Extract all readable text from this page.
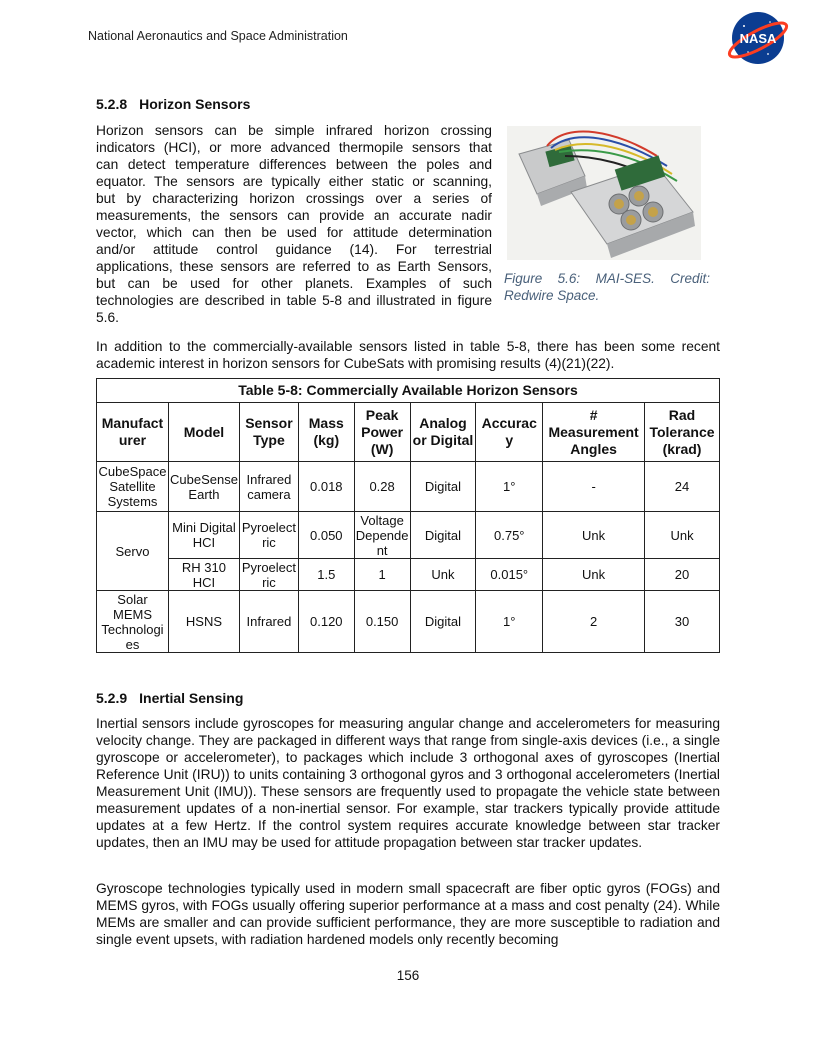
National Aeronautics and Space Administration	NASA
5.2.8 Horizon Sensors
Horizon sensors can be simple infrared horizon crossing
indicators (HCI), or more advanced thermopile sensors that
can detect temperature differences between the poles and
equator. The sensors are typically either static or scanning,
but by characterizing horizon crossings over a series of
measurements, the sensors can provide an accurate nadir
vector, which can then be used for attitude determination
and/or attitude control guidance (14). For terrestrial
applications, these sensors are referred to as Earth Sensors,
but can be used for other planets. Examples of such
technologies are described in table 5-8 and illustrated in figure
5.6.

Figure 5.6: MAI-SES. Credit: Redwire Space.

In addition to the commercially-available sensors listed in table 5-8, there has been some recent academic interest in horizon sensors for CubeSats with promising results (4)(21)(22).

Table 5-8: Commercially Available Horizon Sensors								
Manufact urer	Model	Sensor Type	Mass (kg)	Peak Power (W)	Analog or Digital	Accurac y	# Measurement Angles	Rad Tolerance (krad)
CubeSpace Satellite Systems	CubeSense Earth	Infrared camera	0.018	0.28	Digital	1°	-	24
Servo	Mini Digital HCI	Pyroelect ric	0.050	Voltage Depende nt	Digital	0.75°	Unk	Unk
	RH 310 HCI	Pyroelect ric	1.5	1	Unk	0.015°	Unk	20
Solar MEMS Technologi es	HSNS	Infrared	0.120	0.150	Digital	1°	2	30
5.2.9 Inertial Sensing

Inertial sensors include gyroscopes for measuring angular change and accelerometers for measuring velocity change. They are packaged in different ways that range from single-axis devices (i.e., a single gyroscope or accelerometer), to packages which include 3 orthogonal axes of gyroscopes (Inertial Reference Unit (IRU)) to units containing 3 orthogonal gyros and 3 orthogonal accelerometers (Inertial Measurement Unit (IMU)). These sensors are frequently used to propagate the vehicle state between measurement updates of a non-inertial sensor. For example, star trackers typically provide attitude updates at a few Hertz. If the control system requires accurate knowledge between star tracker updates, then an IMU may be used for attitude propagation between star tracker updates.

Gyroscope technologies typically used in modern small spacecraft are fiber optic gyros (FOGs) and MEMS gyros, with FOGs usually offering superior performance at a mass and cost penalty (24). While MEMs are smaller and can provide sufficient performance, they are more susceptible to radiation and single event upsets, with radiation hardened models only recently becoming

156
